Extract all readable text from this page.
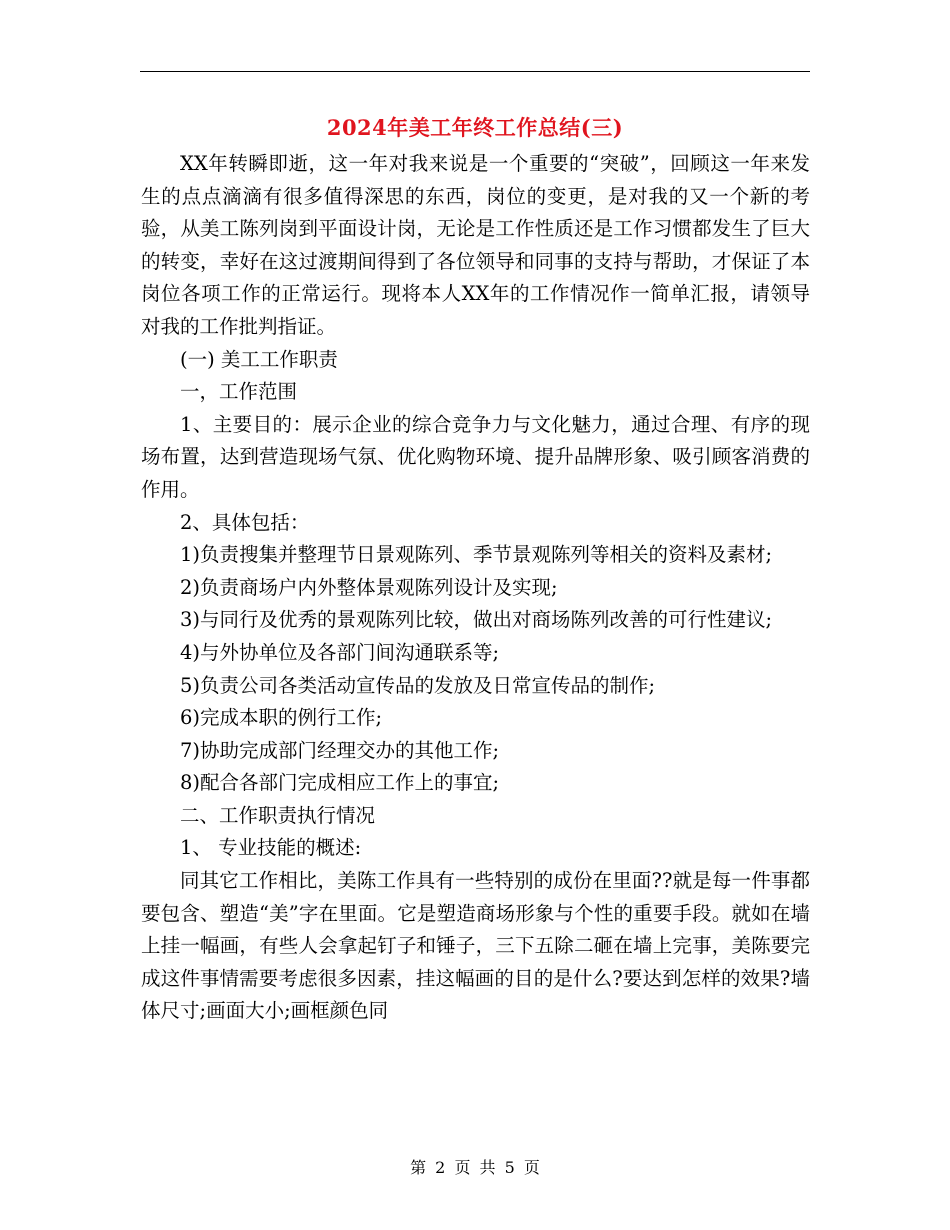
2024年美工年终工作总结(三)

XX年转瞬即逝，这一年对我来说是一个重要的“突破”，回顾这一年来发生的点点滴滴有很多值得深思的东西，岗位的变更，是对我的又一个新的考验，从美工陈列岗到平面设计岗，无论是工作性质还是工作习惯都发生了巨大的转变，幸好在这过渡期间得到了各位领导和同事的支持与帮助，才保证了本岗位各项工作的正常运行。现将本人XX年的工作情况作一简单汇报，请领导对我的工作批判指证。

(一) 美工工作职责

一，工作范围

1、主要目的：展示企业的综合竞争力与文化魅力，通过合理、有序的现场布置，达到营造现场气氛、优化购物环境、提升品牌形象、吸引顾客消费的作用。

2、具体包括：

1)负责搜集并整理节日景观陈列、季节景观陈列等相关的资料及素材;

2)负责商场户内外整体景观陈列设计及实现;

3)与同行及优秀的景观陈列比较，做出对商场陈列改善的可行性建议;

4)与外协单位及各部门间沟通联系等;

5)负责公司各类活动宣传品的发放及日常宣传品的制作;

6)完成本职的例行工作;

7)协助完成部门经理交办的其他工作;

8)配合各部门完成相应工作上的事宜;

二、工作职责执行情况

1、 专业技能的概述:

同其它工作相比，美陈工作具有一些特别的成份在里面??就是每一件事都要包含、塑造“美”字在里面。它是塑造商场形象与个性的重要手段。就如在墙上挂一幅画，有些人会拿起钉子和锤子，三下五除二砸在墙上完事，美陈要完成这件事情需要考虑很多因素，挂这幅画的目的是什么?要达到怎样的效果?墙体尺寸;画面大小;画框颜色同

第 2 页 共 5 页
